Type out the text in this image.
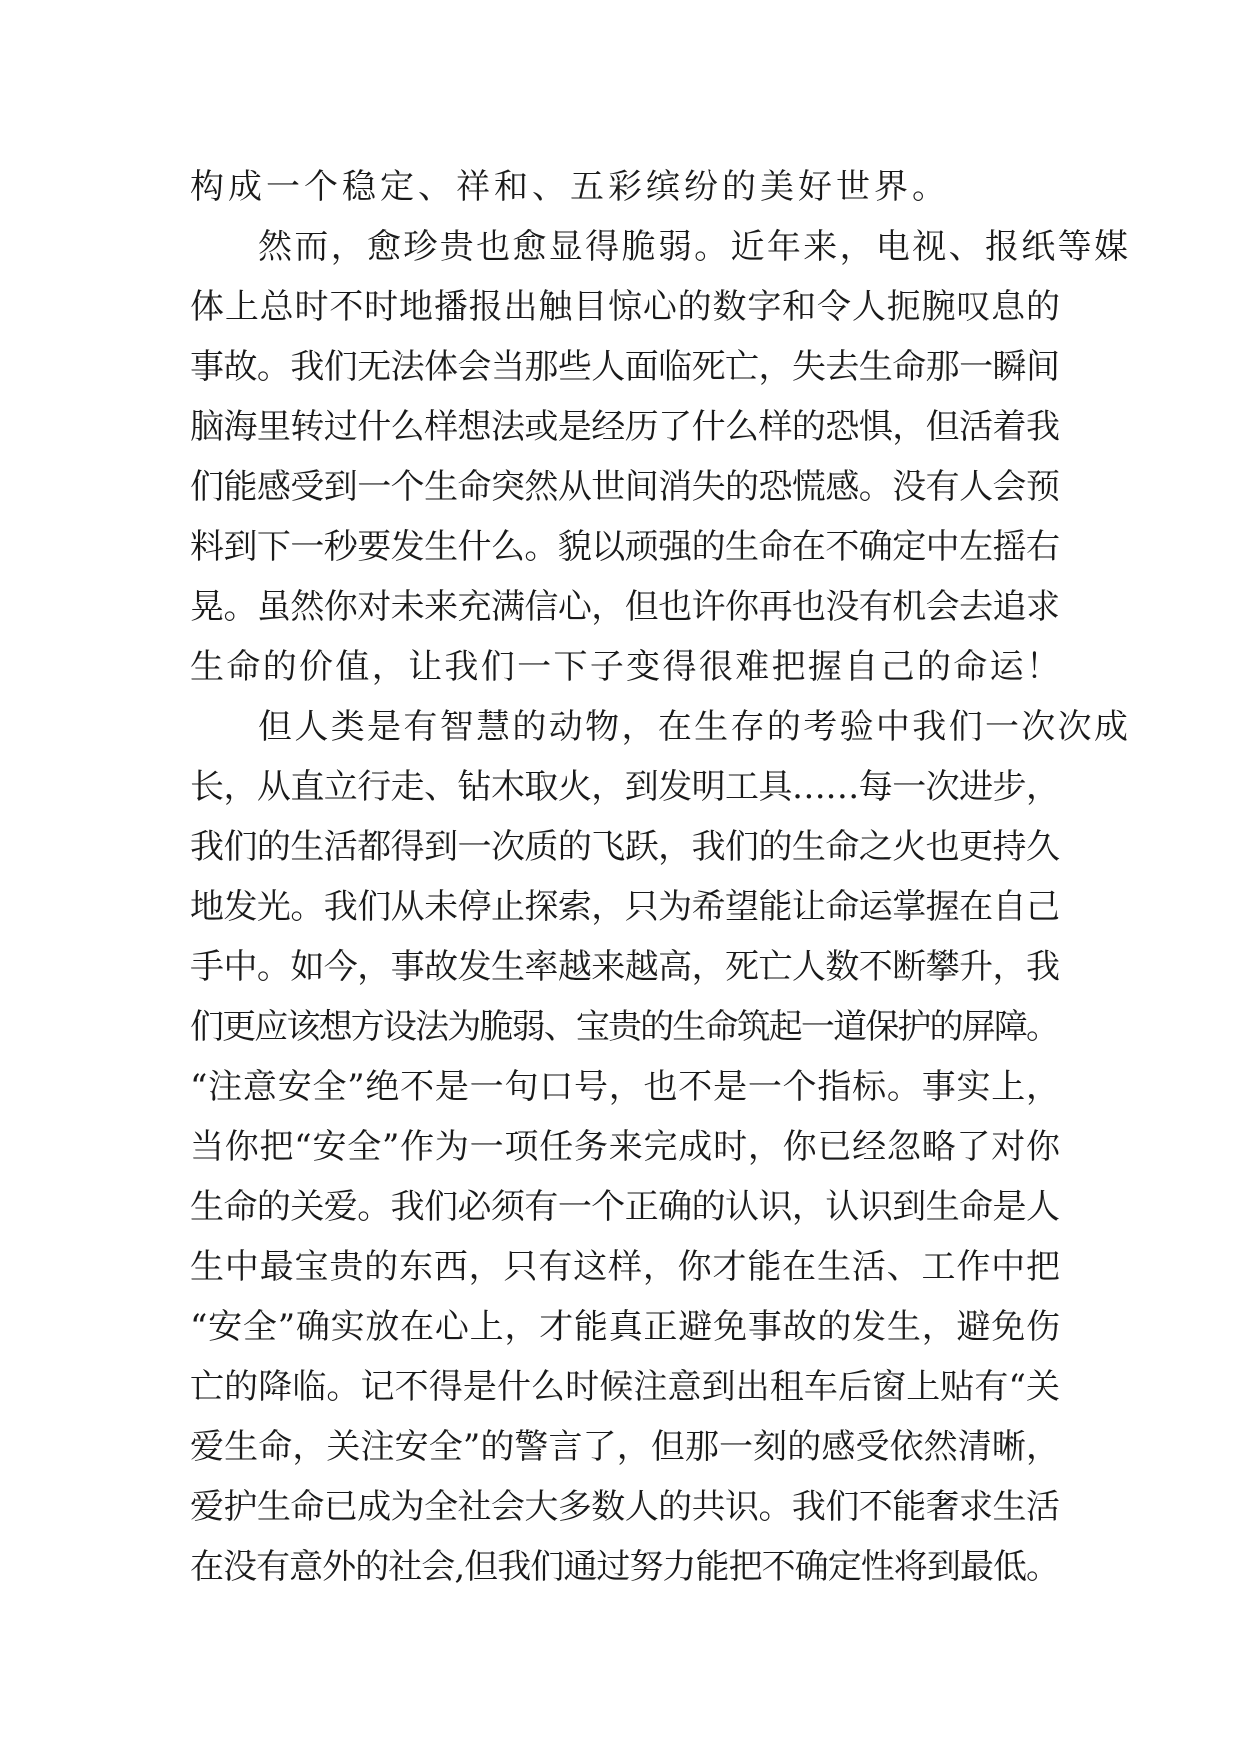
构成一个稳定、祥和、五彩缤纷的美好世界。
然而，愈珍贵也愈显得脆弱。近年来，电视、报纸等媒
体上总时不时地播报出触目惊心的数字和令人扼腕叹息的
事故。我们无法体会当那些人面临死亡，失去生命那一瞬间
脑海里转过什么样想法或是经历了什么样的恐惧，但活着我
们能感受到一个生命突然从世间消失的恐慌感。没有人会预
料到下一秒要发生什么。貌以顽强的生命在不确定中左摇右
晃。虽然你对未来充满信心，但也许你再也没有机会去追求
生命的价值，让我们一下子变得很难把握自己的命运！
但人类是有智慧的动物，在生存的考验中我们一次次成
长，从直立行走、钻木取火，到发明工具……每一次进步，
我们的生活都得到一次质的飞跃，我们的生命之火也更持久
地发光。我们从未停止探索，只为希望能让命运掌握在自己
手中。如今，事故发生率越来越高，死亡人数不断攀升，我
们更应该想方设法为脆弱、宝贵的生命筑起一道保护的屏障。
“注意安全”绝不是一句口号，也不是一个指标。事实上，
当你把“安全”作为一项任务来完成时，你已经忽略了对你
生命的关爱。我们必须有一个正确的认识，认识到生命是人
生中最宝贵的东西，只有这样，你才能在生活、工作中把
“安全”确实放在心上，才能真正避免事故的发生，避免伤
亡的降临。记不得是什么时候注意到出租车后窗上贴有“关
爱生命，关注安全”的警言了，但那一刻的感受依然清晰，
爱护生命已成为全社会大多数人的共识。我们不能奢求生活
在没有意外的社会,但我们通过努力能把不确定性将到最低。
